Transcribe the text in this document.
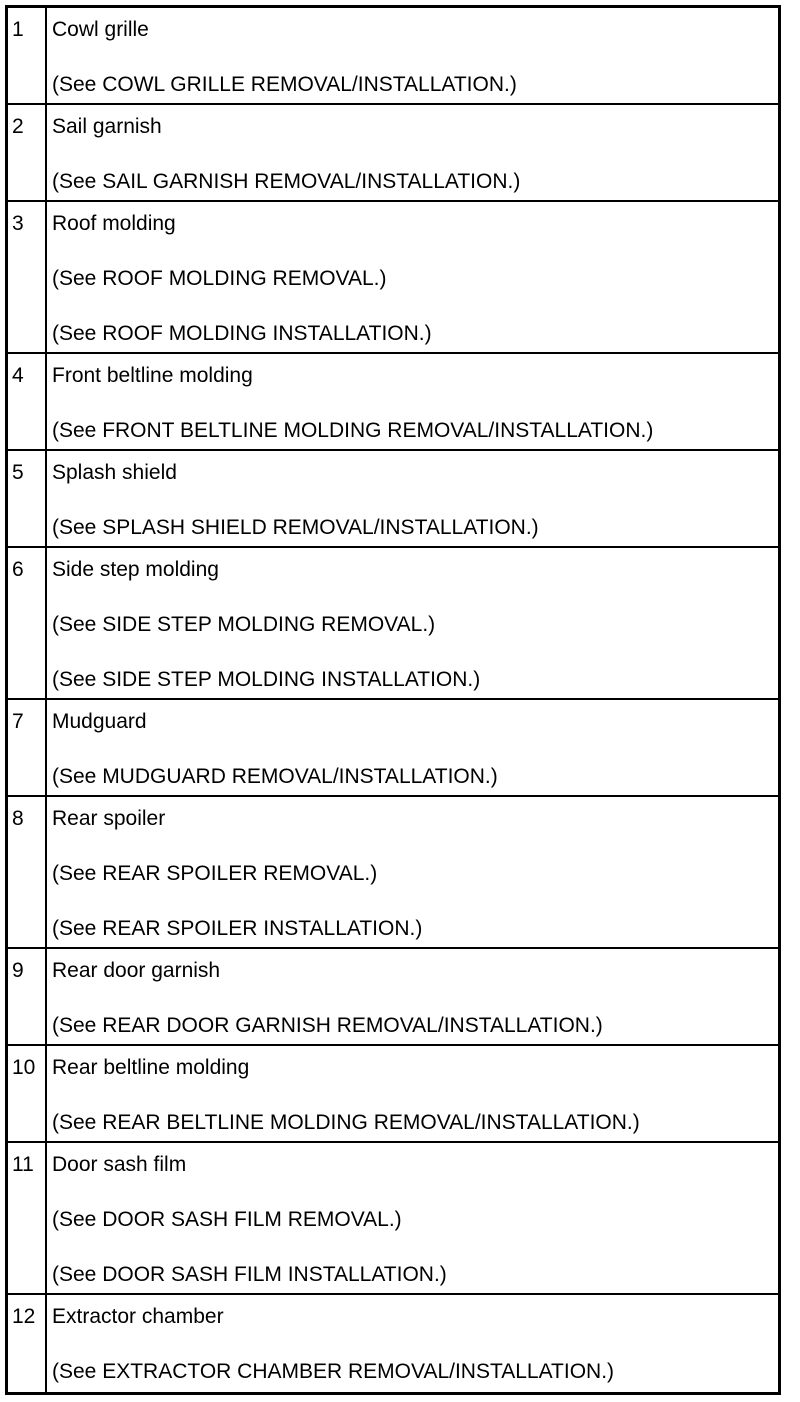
1	Cowl grille
(See COWL GRILLE REMOVAL/INSTALLATION.)
2	Sail garnish
(See SAIL GARNISH REMOVAL/INSTALLATION.)
3	Roof molding
(See ROOF MOLDING REMOVAL.)
(See ROOF MOLDING INSTALLATION.)
4	Front beltline molding
(See FRONT BELTLINE MOLDING REMOVAL/INSTALLATION.)
5	Splash shield
(See SPLASH SHIELD REMOVAL/INSTALLATION.)
6	Side step molding
(See SIDE STEP MOLDING REMOVAL.)
(See SIDE STEP MOLDING INSTALLATION.)
7	Mudguard
(See MUDGUARD REMOVAL/INSTALLATION.)
8	Rear spoiler
(See REAR SPOILER REMOVAL.)
(See REAR SPOILER INSTALLATION.)
9	Rear door garnish
(See REAR DOOR GARNISH REMOVAL/INSTALLATION.)
10 Rear beltline molding
(See REAR BELTLINE MOLDING REMOVAL/INSTALLATION.)
11 Door sash film
(See DOOR SASH FILM REMOVAL.)
(See DOOR SASH FILM INSTALLATION.)
12 Extractor chamber
(See EXTRACTOR CHAMBER REMOVAL/INSTALLATION.)
